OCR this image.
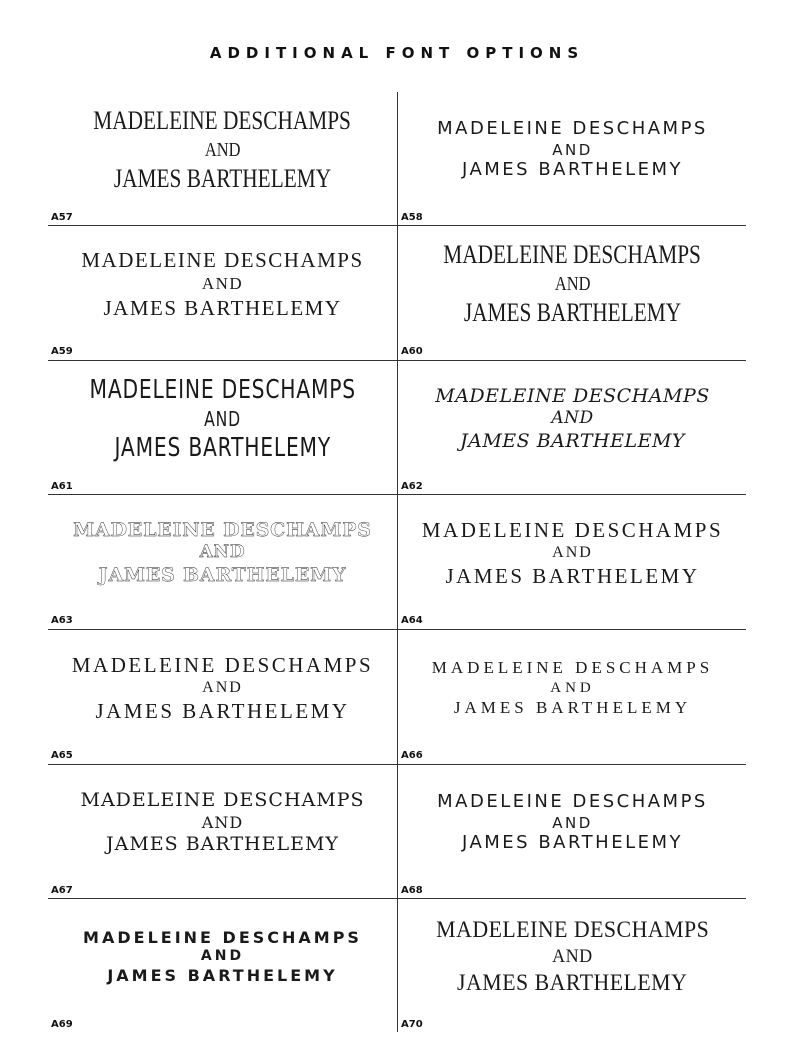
ADDITIONAL FONT OPTIONS
MADELEINE DESCHAMPS
AND
JAMES BARTHELEMY
A57
MADELEINE DESCHAMPS
AND
JAMES BARTHELEMY
A58
MADELEINE DESCHAMPS
AND
JAMES BARTHELEMY
A59
MADELEINE DESCHAMPS
AND
JAMES BARTHELEMY
A60
MADELEINE DESCHAMPS
AND
JAMES BARTHELEMY
A61
MADELEINE DESCHAMPS
AND
JAMES BARTHELEMY
A62
MADELEINE DESCHAMPS
AND
JAMES BARTHELEMY
A63
MADELEINE DESCHAMPS
AND
JAMES BARTHELEMY
A64
MADELEINE DESCHAMPS
AND
JAMES BARTHELEMY
A65
MADELEINE DESCHAMPS
AND
JAMES BARTHELEMY
A66
MADELEINE DESCHAMPS
AND
JAMES BARTHELEMY
A67
MADELEINE DESCHAMPS
AND
JAMES BARTHELEMY
A68
MADELEINE DESCHAMPS
AND
JAMES BARTHELEMY
A69
MADELEINE DESCHAMPS
AND
JAMES BARTHELEMY
A70
